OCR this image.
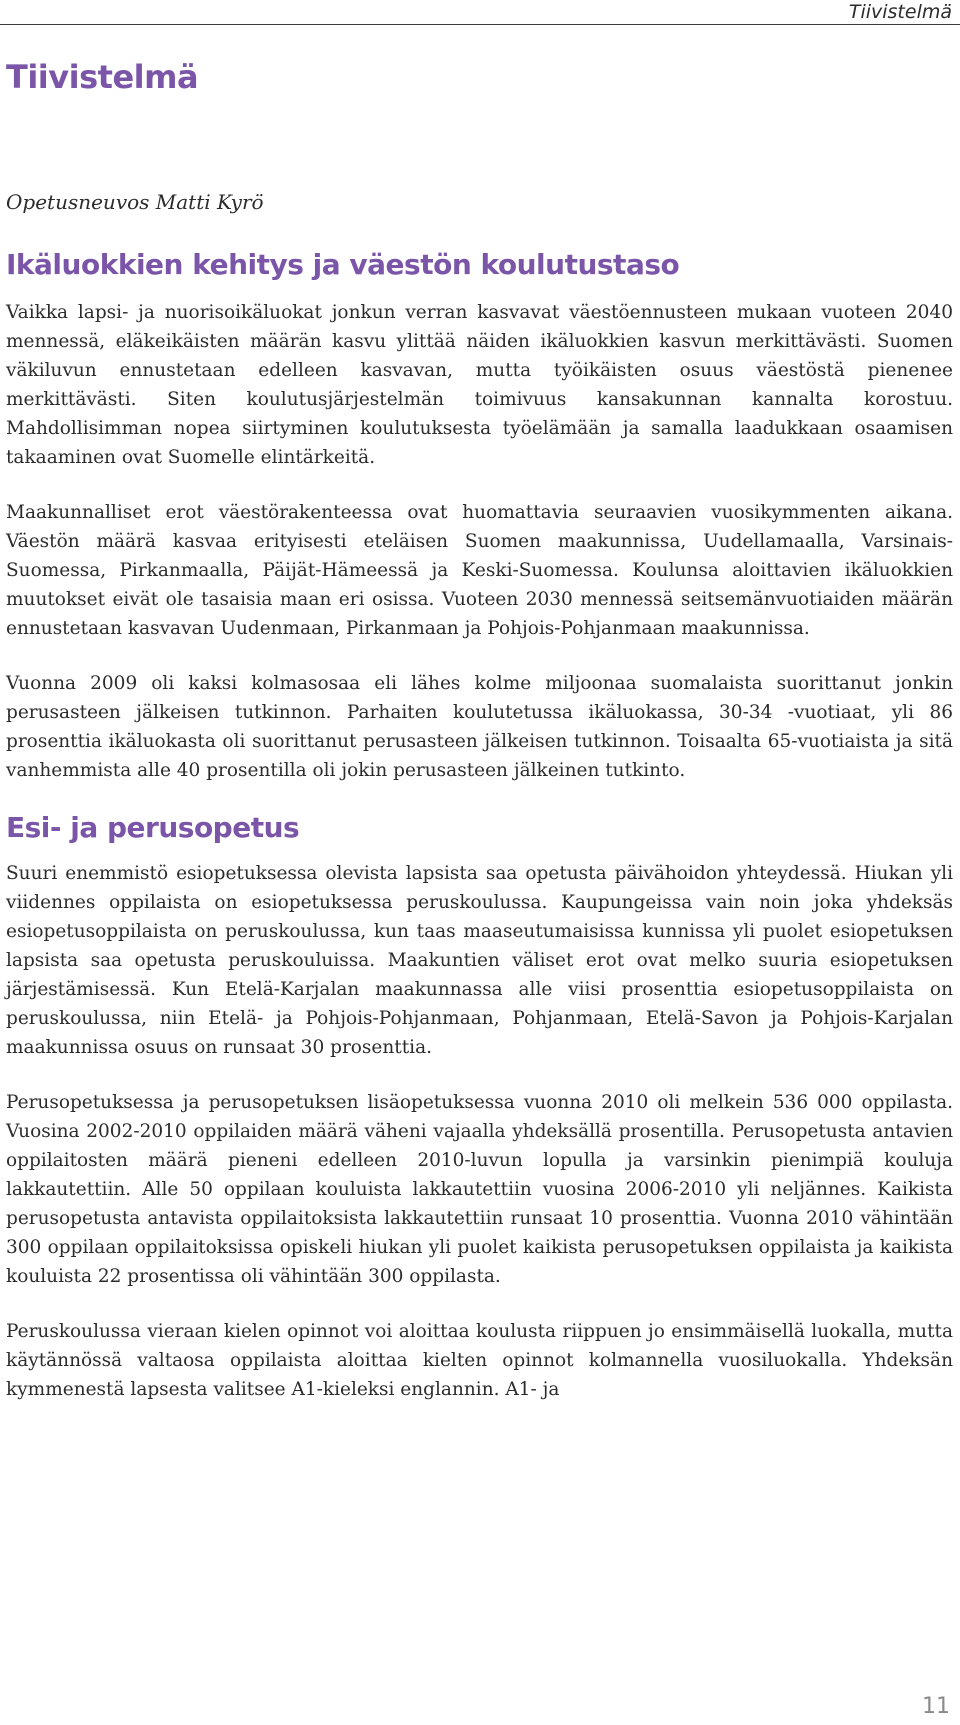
Tiivistelmä
Tiivistelmä
Opetusneuvos Matti Kyrö
Ikäluokkien kehitys ja väestön koulutustaso

Vaikka lapsi- ja nuorisoikäluokat jonkun verran kasvavat väestöennusteen mukaan vuoteen 2040 mennessä, eläkeikäisten määrän kasvu ylittää näiden ikäluokkien kasvun merkittävästi. Suomen väkiluvun ennustetaan edelleen kasvavan, mutta työikäisten osuus väestöstä pienenee merkittävästi. Siten koulutusjärjestelmän toimivuus kansakunnan kannalta korostuu. Mahdollisimman nopea siirtyminen koulutuksesta työelämään ja samalla laadukkaan osaamisen takaaminen ovat Suomelle elintärkeitä.

Maakunnalliset erot väestörakenteessa ovat huomattavia seuraavien vuosikymmenten aikana. Väestön määrä kasvaa erityisesti eteläisen Suomen maakunnissa, Uudellamaalla, Varsinais-Suomessa, Pirkanmaalla, Päijät-Hämeessä ja Keski-Suomessa. Koulunsa aloittavien ikäluokkien muutokset eivät ole tasaisia maan eri osissa. Vuoteen 2030 mennessä seitsemänvuotiaiden määrän ennustetaan kasvavan Uudenmaan, Pirkanmaan ja Pohjois-Pohjanmaan maakunnissa.

Vuonna 2009 oli kaksi kolmasosaa eli lähes kolme miljoonaa suomalaista suorittanut jonkin perusasteen jälkeisen tutkinnon. Parhaiten koulutetussa ikäluokassa, 30-34 -vuotiaat, yli 86 prosenttia ikäluokasta oli suorittanut perusasteen jälkeisen tutkinnon. Toisaalta 65-vuotiaista ja sitä vanhemmista alle 40 prosentilla oli jokin perusasteen jälkeinen tutkinto.

Esi- ja perusopetus

Suuri enemmistö esiopetuksessa olevista lapsista saa opetusta päivähoidon yhteydessä. Hiukan yli viidennes oppilaista on esiopetuksessa peruskoulussa. Kaupungeissa vain noin joka yhdeksäs esiopetusoppilaista on peruskoulussa, kun taas maaseutumaisissa kunnissa yli puolet esiopetuksen lapsista saa opetusta peruskouluissa. Maakuntien väliset erot ovat melko suuria esiopetuksen järjestämisessä. Kun Etelä-Karjalan maakunnassa alle viisi prosenttia esiopetusoppilaista on peruskoulussa, niin Etelä- ja Pohjois-Pohjanmaan, Pohjanmaan, Etelä-Savon ja Pohjois-Karjalan maakunnissa osuus on runsaat 30 prosenttia.

Perusopetuksessa ja perusopetuksen lisäopetuksessa vuonna 2010 oli melkein 536 000 oppilasta. Vuosina 2002-2010 oppilaiden määrä väheni vajaalla yhdeksällä prosentilla. Perusopetusta antavien oppilaitosten määrä pieneni edelleen 2010-luvun lopulla ja varsinkin pienimpiä kouluja lakkautettiin. Alle 50 oppilaan kouluista lakkautettiin vuosina 2006-2010 yli neljännes. Kaikista perusopetusta antavista oppilaitoksista lakkautettiin runsaat 10 prosenttia. Vuonna 2010 vähintään 300 oppilaan oppilaitoksissa opiskeli hiukan yli puolet kaikista perusopetuksen oppilaista ja kaikista kouluista 22 prosentissa oli vähintään 300 oppilasta.

Peruskoulussa vieraan kielen opinnot voi aloittaa koulusta riippuen jo ensimmäisellä luokalla, mutta käytännössä valtaosa oppilaista aloittaa kielten opinnot kolmannella vuosiluokalla. Yhdeksän kymmenestä lapsesta valitsee A1-kieleksi englannin. A1- ja

11
